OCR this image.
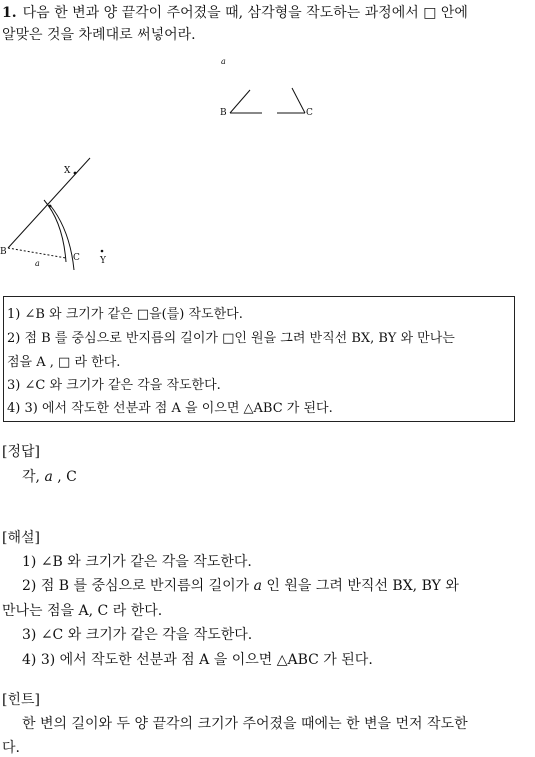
1. 다음 한 변과 양 끝각이 주어졌을 때, 삼각형을 작도하는 과정에서 □ 안에
알맞은 것을 차례대로 써넣어라.
a
B	C
X
B
a
C Y
1) ∠B 와 크기가 같은 □을(를) 작도한다.
2) 점 B 를 중심으로 반지름의 길이가 □인 원을 그려 반직선 BX, BY 와 만나는
점을 A , □ 라 한다.
3) ∠C 와 크기가 같은 각을 작도한다.
4) 3) 에서 작도한 선분과 점 A 을 이으면 △ABC 가 된다.
[정답]
각, a , C
[해설]
1) ∠B 와 크기가 같은 각을 작도한다.
2) 점 B 를 중심으로 반지름의 길이가 a 인 원을 그려 반직선 BX, BY 와
만나는 점을 A, C 라 한다.
3) ∠C 와 크기가 같은 각을 작도한다.
4) 3) 에서 작도한 선분과 점 A 을 이으면 △ABC 가 된다.
[힌트]
한 변의 길이와 두 양 끝각의 크기가 주어졌을 때에는 한 변을 먼저 작도한
다.
